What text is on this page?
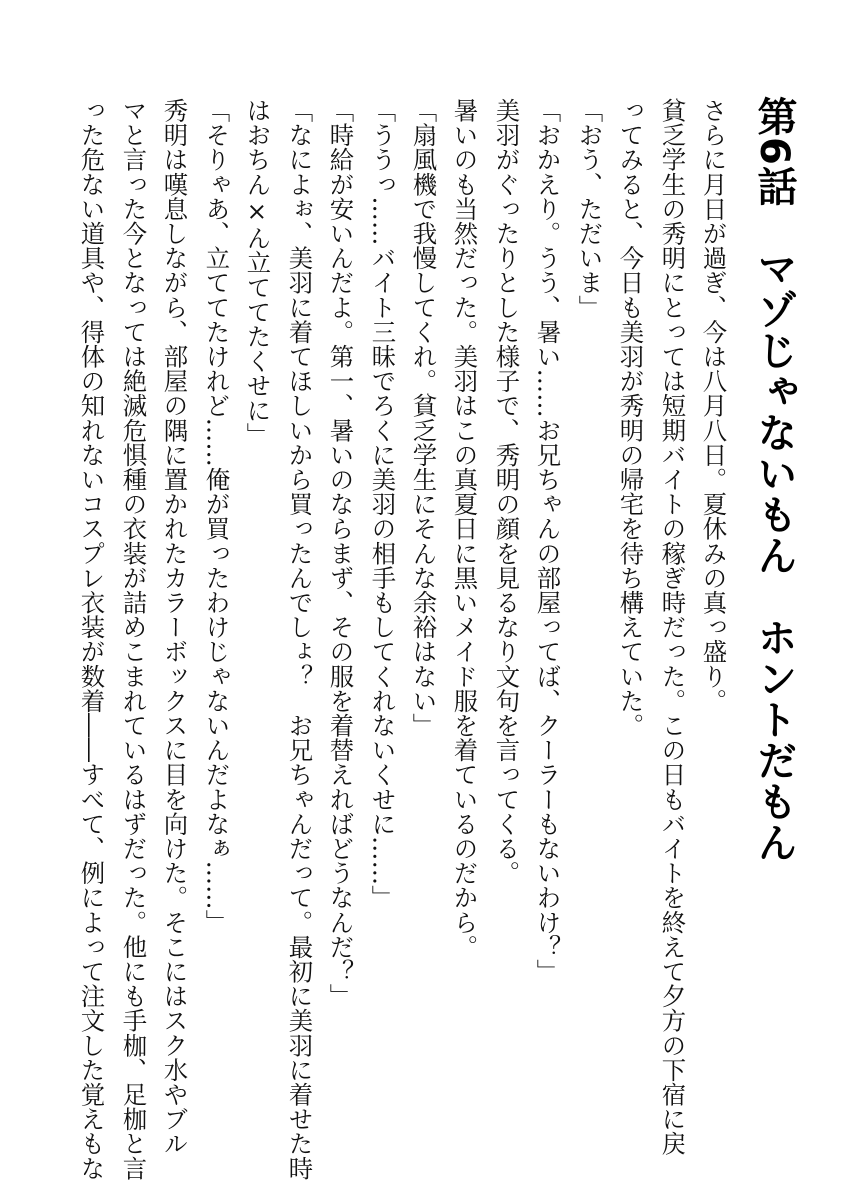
第6話　マゾじゃないもん　ホントだもん
さらに月日が過ぎ、今は八月八日。夏休みの真っ盛り。
貧乏学生の秀明にとっては短期バイトの稼ぎ時だった。この日もバイトを終えて夕方の下宿に戻
ってみると、今日も美羽が秀明の帰宅を待ち構えていた。
「おう、ただいま」
「おかえり。うう、暑い……お兄ちゃんの部屋ってば、クーラーもないわけ？」
美羽がぐったりとした様子で、秀明の顔を見るなり文句を言ってくる。
暑いのも当然だった。美羽はこの真夏日に黒いメイド服を着ているのだから。
「扇風機で我慢してくれ。貧乏学生にそんな余裕はない」
「ううっ……バイト三昧でろくに美羽の相手もしてくれないくせに……」
「時給が安いんだよ。第一、暑いのならまず、その服を着替えればどうなんだ？」
「なによぉ、美羽に着てほしいから買ったんでしょ？　お兄ちゃんだって。最初に美羽に着せた時
はおちん×ん立ててたくせに」
「そりゃあ、立ててたけれど……俺が買ったわけじゃないんだよなぁ……」
秀明は嘆息しながら、部屋の隅に置かれたカラーボックスに目を向けた。そこにはスク水やブル
マと言った今となっては絶滅危惧種の衣装が詰めこまれているはずだった。他にも手枷、足枷と言
った危ない道具や、得体の知れないコスプレ衣装が数着――すべて、例によって注文した覚えもな
